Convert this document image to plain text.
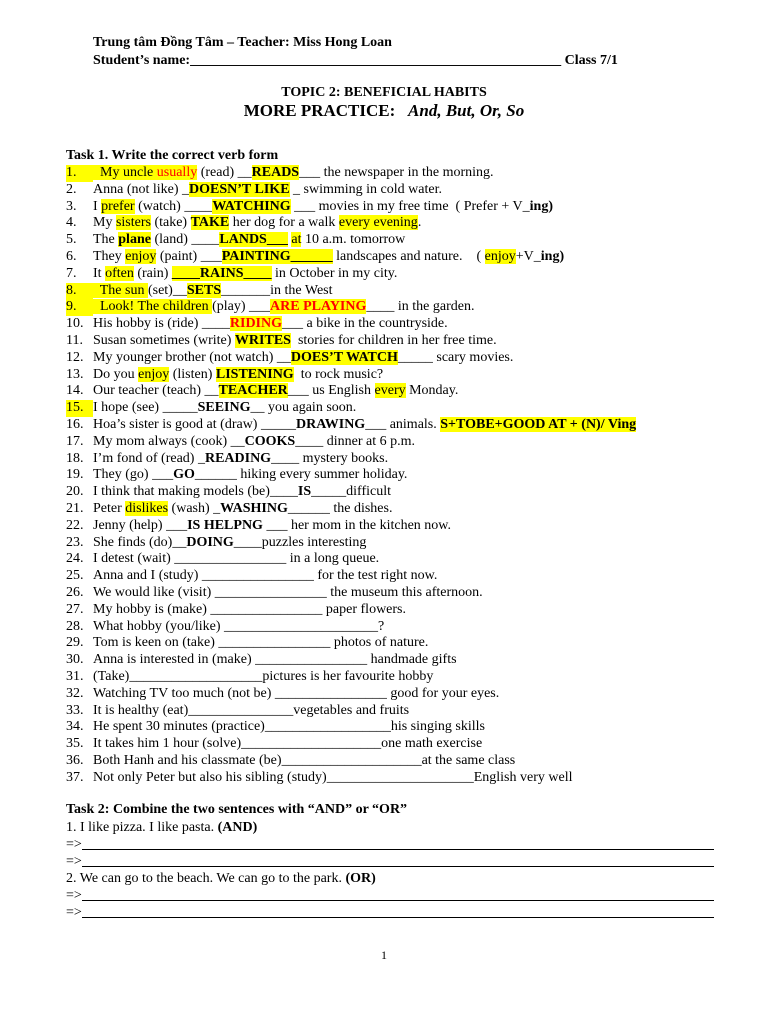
Trung tâm Đồng Tâm – Teacher: Miss Hong Loan
Student’s name:_____________________________________________________ Class 7/1
TOPIC 2: BENEFICIAL HABITS
MORE PRACTICE: And, But, Or, So
Task 1. Write the correct verb form
1.	My uncle usually (read) __READS___ the newspaper in the morning.
2.	Anna (not like) _DOESN’T LIKE _ swimming in cold water.
3.	I prefer (watch) ____WATCHING ___ movies in my free time  ( Prefer + V_ing)
4.	My sisters (take) TAKE her dog for a walk every evening.
5.	The plane (land) ____LANDS___ at 10 a.m. tomorrow
6.	They enjoy (paint) ___PAINTING______ landscapes and nature.    ( enjoy+V_ing)
7.	It often (rain) ____RAINS____ in October in my city.
8.	The sun (set)__SETS_______in the West
9.	Look! The children (play) ___ARE PLAYING____ in the garden.
10. His hobby is (ride) ____RIDING___ a bike in the countryside.
11. Susan sometimes (write) WRITES  stories for children in her free time.
12. My younger brother (not watch) __DOES’T WATCH_____ scary movies.
13. Do you enjoy (listen) LISTENING  to rock music?
14. Our teacher (teach) __TEACHER___ us English every Monday.
15. I hope (see) _____SEEING__ you again soon.
16. Hoa’s sister is good at (draw) _____DRAWING___ animals. S+TOBE+GOOD AT + (N)/ Ving
17. My mom always (cook) __COOKS____ dinner at 6 p.m.
18. I’m fond of (read) _READING____ mystery books.
19. They (go) ___GO______ hiking every summer holiday.
20. I think that making models (be)____IS_____difficult
21. Peter dislikes (wash) _WASHING______ the dishes.
22. Jenny (help) ___IS HELPNG ___ her mom in the kitchen now.
23. She finds (do)__DOING____puzzles interesting
24. I detest (wait) ________________ in a long queue.
25. Anna and I (study) ________________ for the test right now.
26. We would like (visit) ________________ the museum this afternoon.
27. My hobby is (make) ________________ paper flowers.
28. What hobby (you/like) ______________________?
29. Tom is keen on (take) ________________ photos of nature.
30. Anna is interested in (make) ________________ handmade gifts
31. (Take)___________________pictures is her favourite hobby
32. Watching TV too much (not be) ________________ good for your eyes.
33. It is healthy (eat)_______________vegetables and fruits
34. He spent 30 minutes (practice)__________________his singing skills
35. It takes him 1 hour (solve)____________________one math exercise
36. Both Hanh and his classmate (be)____________________at the same class
37. Not only Peter but also his sibling (study)_____________________English very well
Task 2: Combine the two sentences with “AND” or “OR”
1. I like pizza. I like pasta. (AND)
=>
=>
2. We can go to the beach. We can go to the park. (OR)
=>
=>
1
